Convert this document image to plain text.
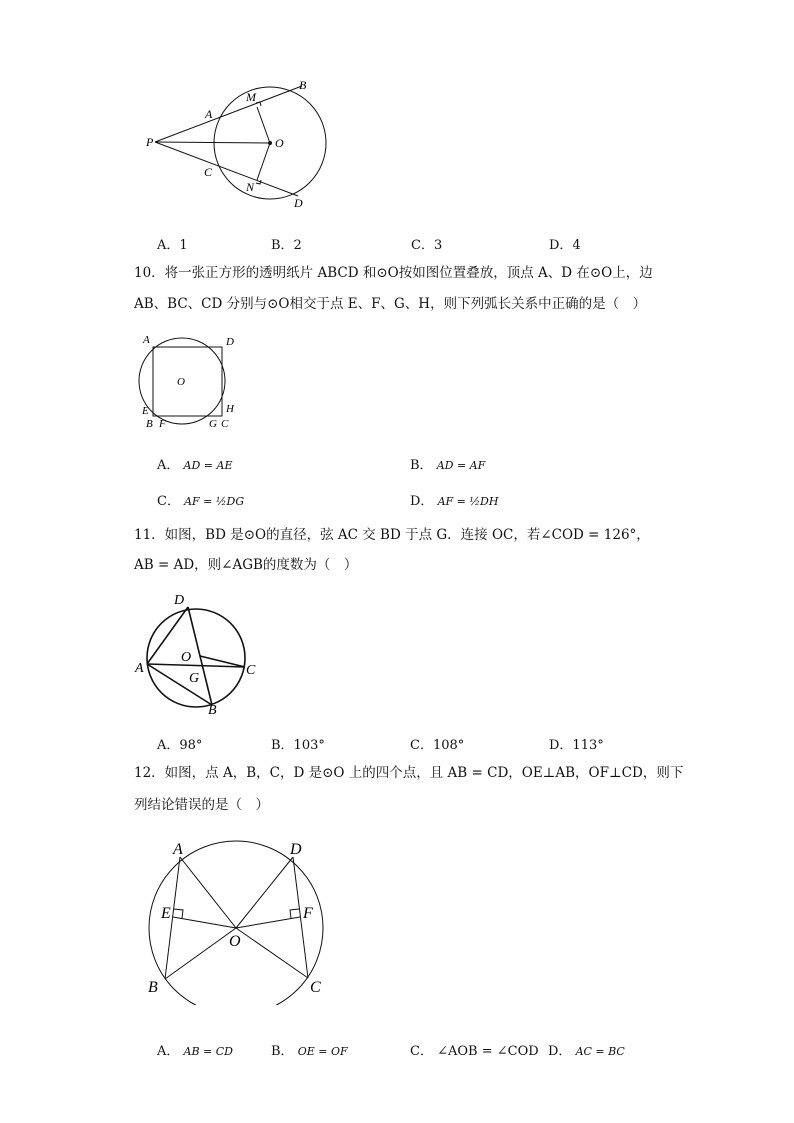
P
A
M
B
O
C
N
D
A．1	B．2	C．3	D．4
10．将一张正方形的透明纸片 ABCD 和⊙O按如图位置叠放，顶点 A、D 在⊙O上，边
AB、BC、CD 分别与⊙O相交于点 E、F、G、H，则下列弧长关系中正确的是（　）
A	D
O
E	H
B F	G C
A． AD = AE	B． AD = AF
C． AF = ½DG	D． AF = ½DH
11．如图，BD 是⊙O的直径，弦 AC 交 BD 于点 G．连接 OC，若∠COD = 126°，
AB = AD，则∠AGB的度数为（　）
D
A
O
G
C
B
A．98°	B．103°	C．108°	D．113°
12．如图，点 A，B，C，D 是⊙O 上的四个点，且 AB = CD，OE⊥AB，OF⊥CD，则下
列结论错误的是（　）
A	D
E	F
O
B	C
A． AB = CD	B． OE = OF	C． ∠AOB = ∠COD D． AC = BC
